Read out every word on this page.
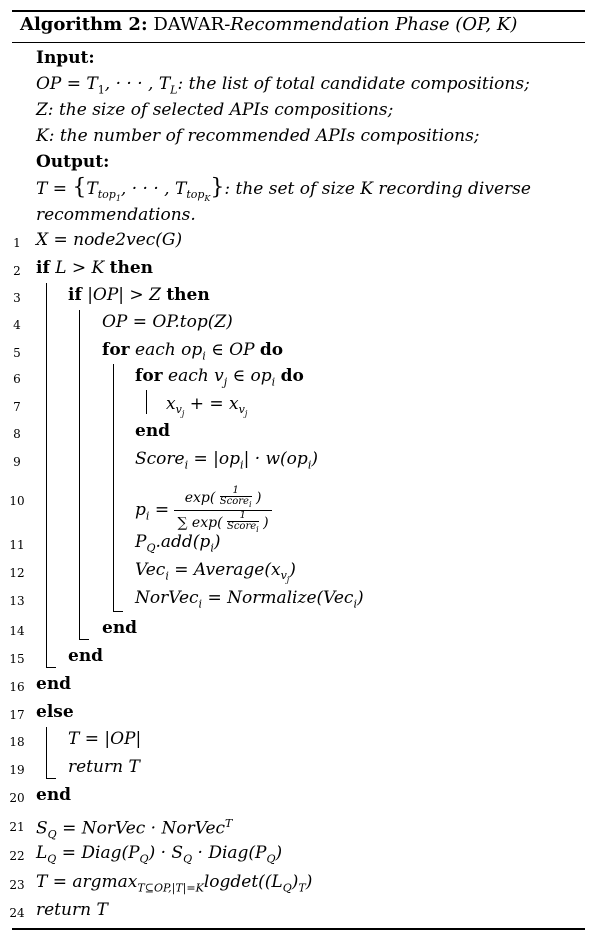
Algorithm 2: DAWAR-Recommendation Phase (OP, K)
Input:
OP = $T_1$, · · · , $T_L$: the list of total candidate compositions;
Z: the size of selected APIs compositions;
K: the number of recommended APIs compositions;
Output:
$T = \{T_{top_1}$, · · · , $T_{top_K}$}: the set of size K recording diverse
recommendations.
1 X = node2vec(G)
2 if L > K then
3	if |OP| > Z then
4	OP = OP.top(Z)
5	for each $op_i$ ∈ OP do
6	for each $v_j$ ∈ $op_i$ do
7	$x_{v_j}$ + = $x_{v_j}$
8	end
9	Score$_i$ = $|op_i| \cdot w(op_i)$
10	$p_i = \frac{\exp( \frac{1}{Score_i} )}{\sum \exp( \frac{1}{Score_i} )}$
11	$P_Q.add(p_i)$
12	$Vec_i = Average(x_{v_j})$
13	NorVec$_i$ = Normalize(Vec$_i$)
14	end
15	end
16 end
17 else
18	T = |OP|
19	return T
20 end
21 $S_Q$ = NorVec · NorVec$^T$
22 $L_Q$ = $Diag(P_Q) \cdot S_Q$ · $Diag(P_Q)$
23 $T = argmax_{T⊆OP,|T|=K}logdet((L_Q)_T)$
24 return T
